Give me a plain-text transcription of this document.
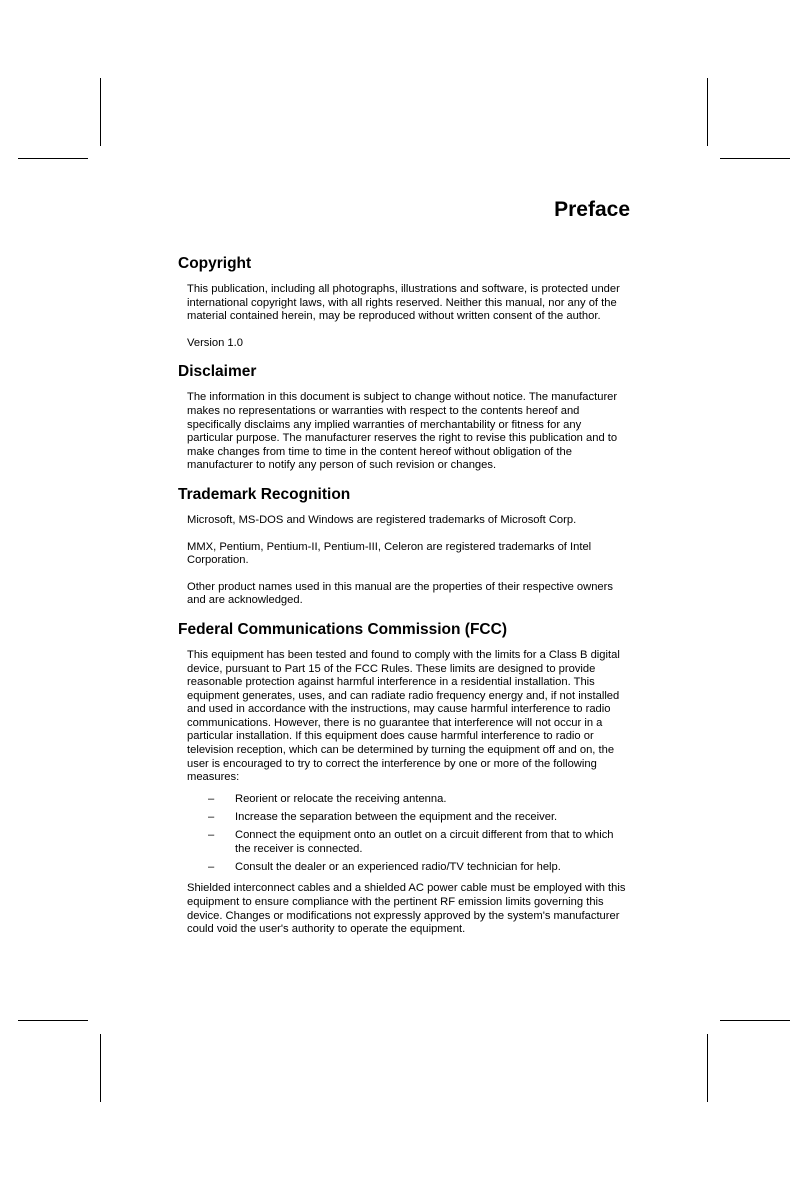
Preface
Copyright

This publication, including all photographs, illustrations and software, is protected under international copyright laws, with all rights reserved. Neither this manual, nor any of the material contained herein, may be reproduced without written consent of the author.

Version 1.0

Disclaimer

The information in this document is subject to change without notice. The manufacturer makes no representations or warranties with respect to the contents hereof and specifically disclaims any implied warranties of merchantability or fitness for any particular purpose. The manufacturer reserves the right to revise this publication and to make changes from time to time in the content hereof without obligation of the manufacturer to notify any person of such revision or changes.

Trademark Recognition

Microsoft, MS-DOS and Windows are registered trademarks of Microsoft Corp.

MMX, Pentium, Pentium-II, Pentium-III, Celeron are registered trademarks of Intel Corporation.

Other product names used in this manual are the properties of their respective owners and are acknowledged.

Federal Communications Commission (FCC)

This equipment has been tested and found to comply with the limits for a Class B digital device, pursuant to Part 15 of the FCC Rules. These limits are designed to provide reasonable protection against harmful interference in a residential installation. This equipment generates, uses, and can radiate radio frequency energy and, if not installed and used in accordance with the instructions, may cause harmful interference to radio communications. However, there is no guarantee that interference will not occur in a particular installation. If this equipment does cause harmful interference to radio or television reception, which can be determined by turning the equipment off and on, the user is encouraged to try to correct the interference by one or more of the following measures:

– Reorient or relocate the receiving antenna.
– Increase the separation between the equipment and the receiver.
– Connect the equipment onto an outlet on a circuit different from that to which the receiver is connected.
– Consult the dealer or an experienced radio/TV technician for help.

Shielded interconnect cables and a shielded AC power cable must be employed with this equipment to ensure compliance with the pertinent RF emission limits governing this device. Changes or modifications not expressly approved by the system's manufacturer could void the user's authority to operate the equipment.
